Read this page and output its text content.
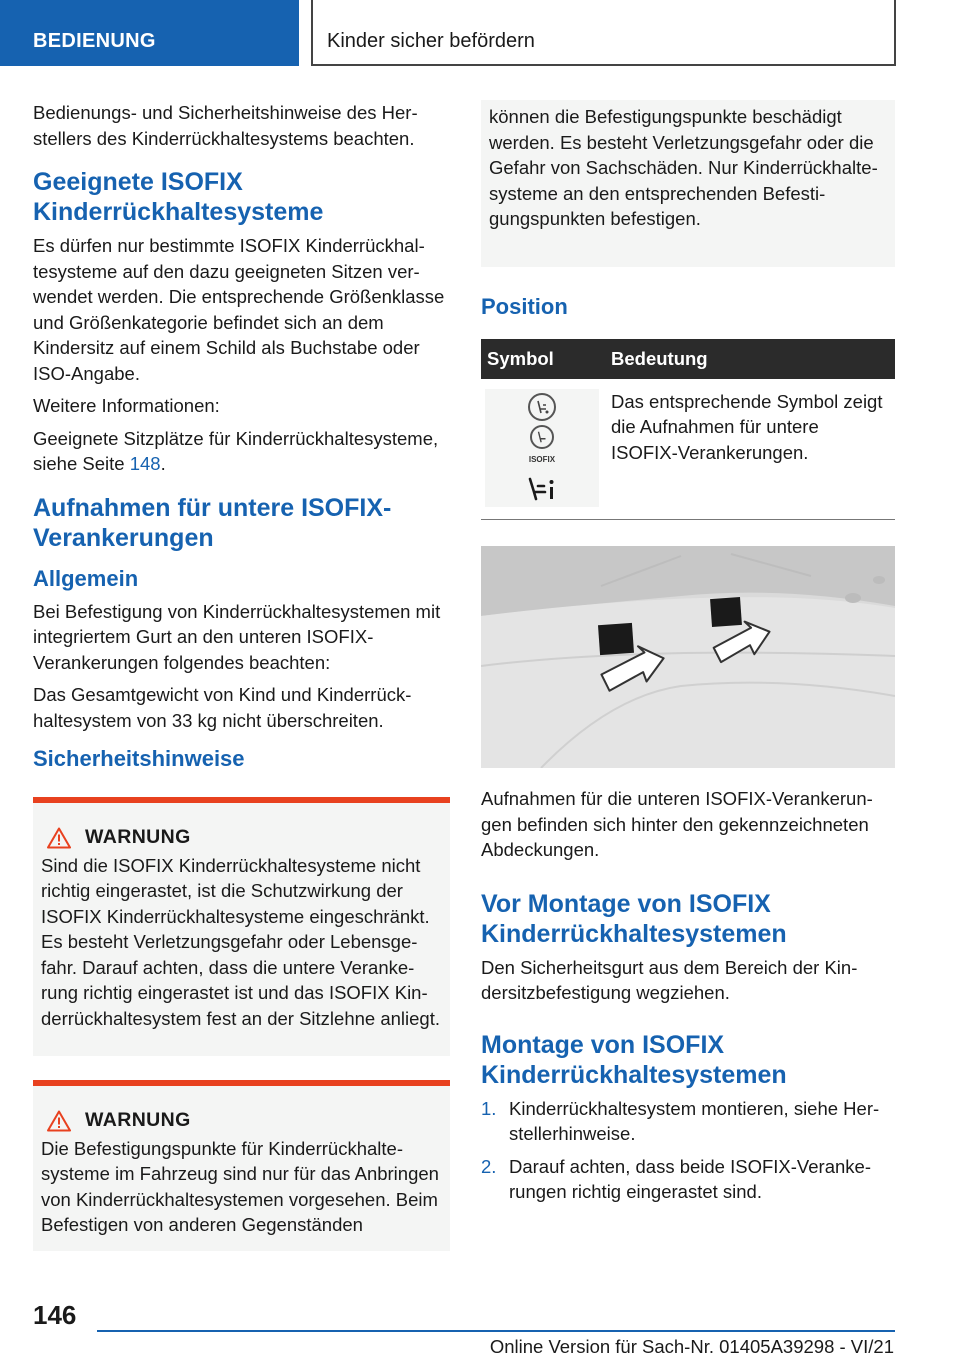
BEDIENUNG	Kinder sicher befördern

Bedienungs- und Sicherheitshinweise des Herstellers des Kinderrückhaltesystems beachten.

Geeignete ISOFIX Kinderrückhaltesysteme

Es dürfen nur bestimmte ISOFIX Kinderrückhaltesysteme auf den dazu geeigneten Sitzen verwendet werden. Die entsprechende Größenklasse und Größenkategorie befindet sich an dem Kindersitz auf einem Schild als Buchstabe oder ISO-Angabe.

Weitere Informationen:

Geeignete Sitzplätze für Kinderrückhaltesysteme, siehe Seite 148.

Aufnahmen für untere ISOFIX-Verankerungen
Allgemein

Bei Befestigung von Kinderrückhaltesystemen mit integriertem Gurt an den unteren ISOFIX-Verankerungen folgendes beachten:

Das Gesamtgewicht von Kind und Kinderrückhaltesystem von 33 kg nicht überschreiten.

Sicherheitshinweise
WARNUNG

Sind die ISOFIX Kinderrückhaltesysteme nicht richtig eingerastet, ist die Schutzwirkung der ISOFIX Kinderrückhaltesysteme eingeschränkt. Es besteht Verletzungsgefahr oder Lebensgefahr. Darauf achten, dass die untere Verankerung richtig eingerastet ist und das ISOFIX Kinderrückhaltesystem fest an der Sitzlehne anliegt.

WARNUNG

Die Befestigungspunkte für Kinderrückhaltesysteme im Fahrzeug sind nur für das Anbringen von Kinderrückhaltesystemen vorgesehen. Beim Befestigen von anderen Gegenständen

können die Befestigungspunkte beschädigt werden. Es besteht Verletzungsgefahr oder die Gefahr von Sachschäden. Nur Kinderrückhaltesysteme an den entsprechenden Befestigungspunkten befestigen.

Position
Symbol	Bedeutung

ISOFIX	Das entsprechende Symbol zeigt die Aufnahmen für untere ISOFIX-Verankerungen.

Aufnahmen für die unteren ISOFIX-Verankerungen befinden sich hinter den gekennzeichneten Abdeckungen.

Vor Montage von ISOFIX Kinderrückhaltesystemen

Den Sicherheitsgurt aus dem Bereich der Kindersitzbefestigung wegziehen.

Montage von ISOFIX Kinderrückhaltesystemen
1. Kinderrückhaltesystem montieren, siehe Herstellerhinweise.
2. Darauf achten, dass beide ISOFIX-Verankerungen richtig eingerastet sind.
146
Online Version für Sach-Nr. 01405A39298 - VI/21
